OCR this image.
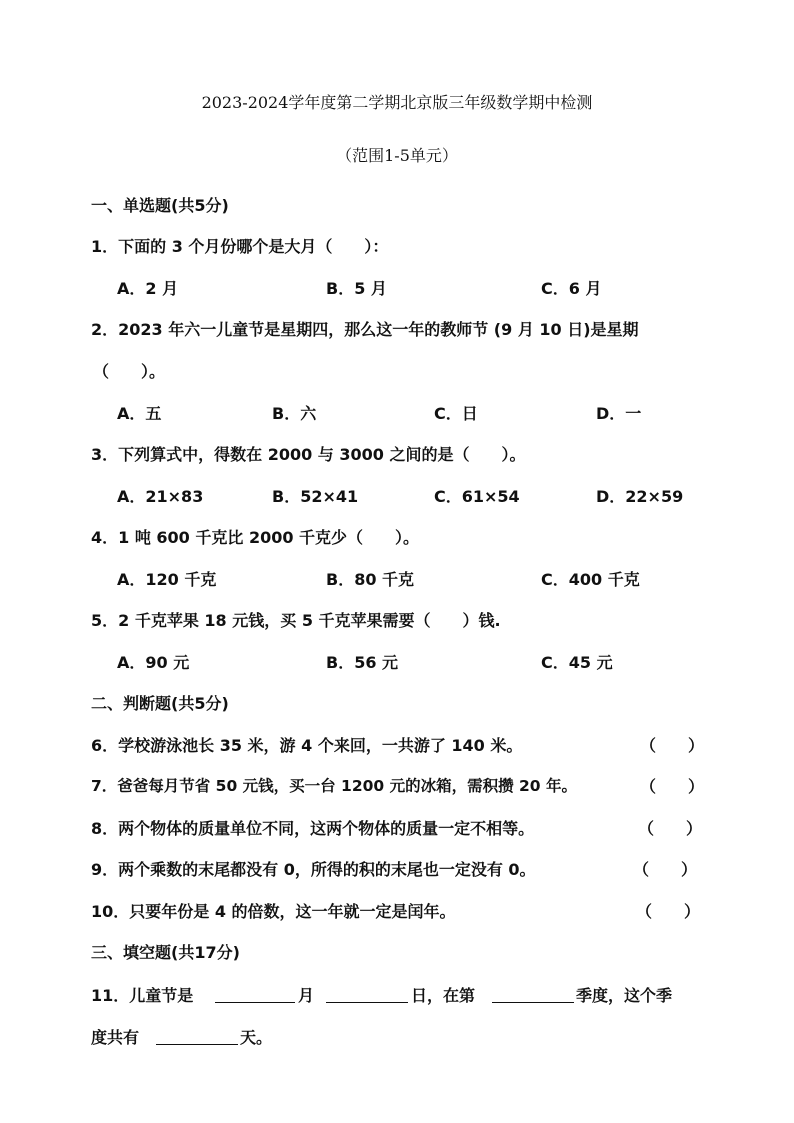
2023-2024学年度第二学期北京版三年级数学期中检测
（范围1-5单元）
一、单选题(共5分)
1．下面的 3 个月份哪个是大月（　　）：
A．2 月	B．5 月	C．6 月
2．2023 年六一儿童节是星期四，那么这一年的教师节 (9 月 10 日)是星期
（　　）。
A．五	B．六	C．日	D．一
3．下列算式中，得数在 2000 与 3000 之间的是（　　）。
A．21×83	B．52×41	C．61×54	D．22×59
4．1 吨 600 千克比 2000 千克少（　　）。
A．120 千克	B．80 千克	C．400 千克
5．2 千克苹果 18 元钱，买 5 千克苹果需要（　　）钱.
A．90 元	B．56 元	C．45 元
二、判断题(共5分)
6．学校游泳池长 35 米，游 4 个来回，一共游了 140 米。	（　　）
7．爸爸每月节省 50 元钱，买一台 1200 元的冰箱，需积攒 20 年。	（　　）
8．两个物体的质量单位不同，这两个物体的质量一定不相等。	（　　）
9．两个乘数的末尾都没有 0，所得的积的末尾也一定没有 0。	（　　）
10．只要年份是 4 的倍数，这一年就一定是闰年。	（　　）
三、填空题(共17分)
11．儿童节是	月	日，在第	季度，这个季
度共有	天。
